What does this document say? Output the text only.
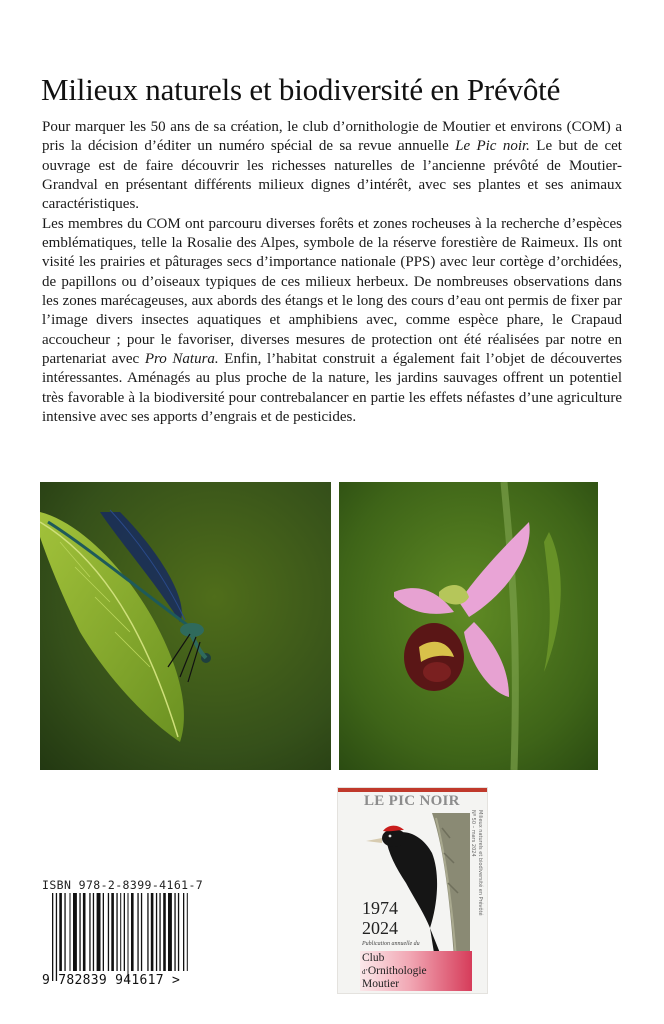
Milieux naturels et biodiversité en Prévôté

Pour marquer les 50 ans de sa création, le club d’ornithologie de Moutier et environs (COM) a pris la décision d’éditer un numéro spécial de sa revue annuelle Le Pic noir. Le but de cet ouvrage est de faire découvrir les richesses naturelles de l’ancienne prévôté de Moutier-Grandval en présentant différents milieux dignes d’intérêt, avec ses plantes et ses animaux caractéristiques.

Les membres du COM ont parcouru diverses forêts et zones rocheuses à la recherche d’espèces emblématiques, telle la Rosalie des Alpes, symbole de la réserve forestière de Raimeux. Ils ont visité les prairies et pâturages secs d’importance nationale (PPS) avec leur cortège d’orchidées, de papillons ou d’oiseaux typiques de ces milieux herbeux. De nombreuses observations dans les zones marécageuses, aux abords des étangs et le long des cours d’eau ont permis de fixer par l’image divers insectes aquatiques et amphibiens avec, comme espèce phare, le Crapaud accoucheur ; pour le favoriser, diverses mesures de protection ont été réalisées par notre en partenariat avec Pro Natura. Enfin, l’habitat construit a également fait l’objet de découvertes intéressantes. Aménagés au plus proche de la nature, les jardins sauvages offrent un potentiel très favorable à la biodiversité pour contrebalancer en partie les effets néfastes d’une agriculture intensive avec ses apports d’engrais et de pesticides.

LE PIC NOIR
Nº 50 – mars 2024 Milieux naturels et biodiversité en Prévôté
1974
2024
Publication annuelle du
Club
d’Ornithologie
Moutier
ISBN 978-2-8399-4161-7
9 782839 941617 >
